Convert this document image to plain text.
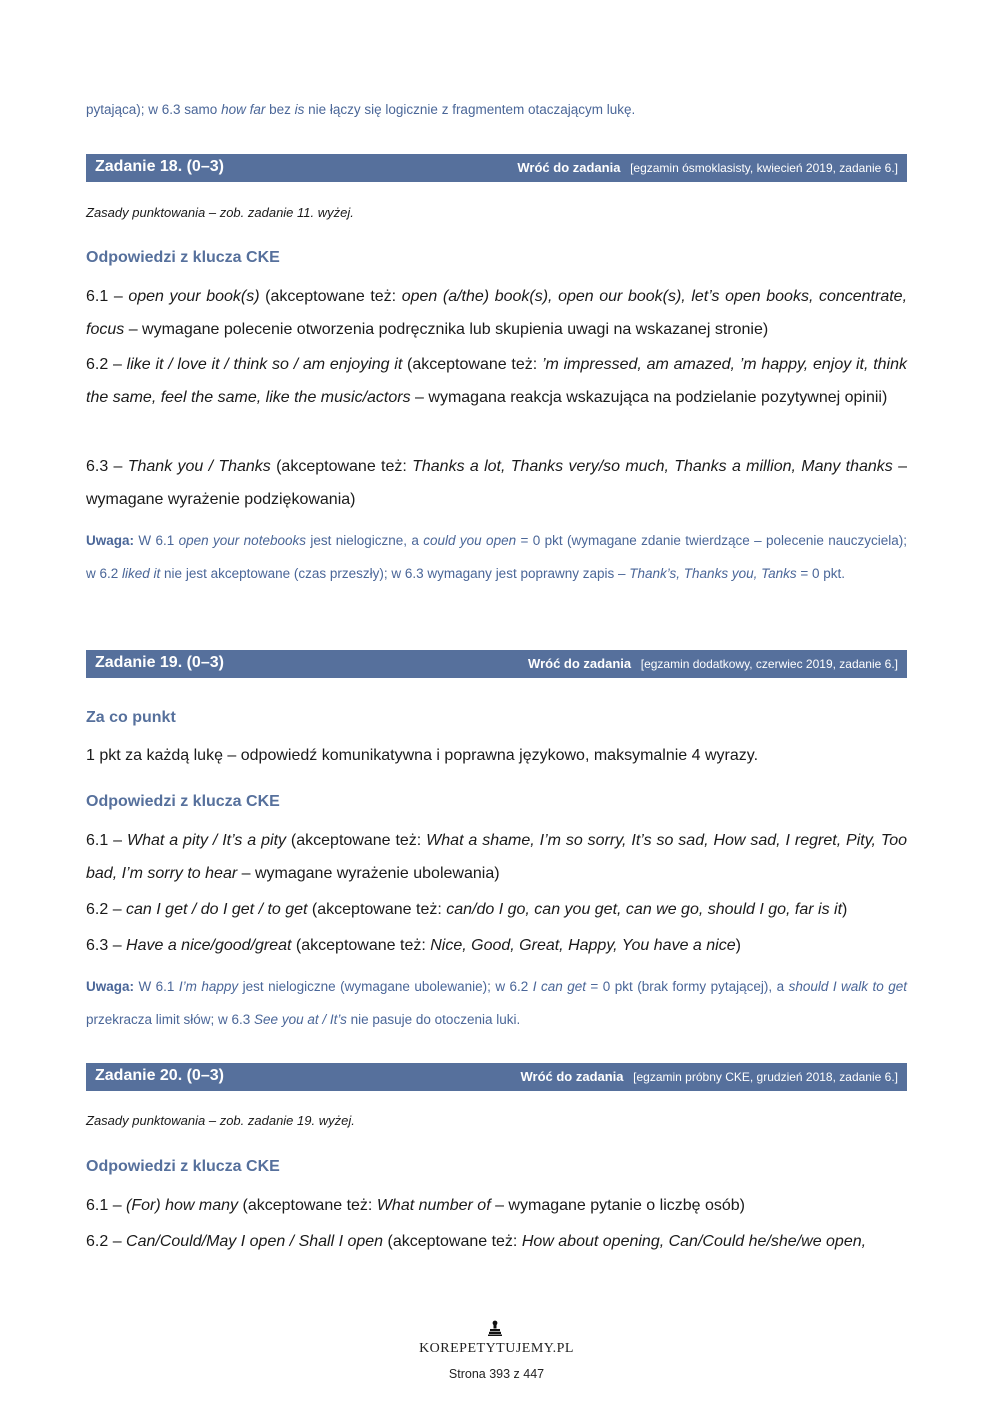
pytająca); w 6.3 samo how far bez is nie łączy się logicznie z fragmentem otaczającym lukę.
Zadanie 18. (0–3)	Wróć do zadania [egzamin ósmoklasisty, kwiecień 2019, zadanie 6.]
Zasady punktowania – zob. zadanie 11. wyżej.
Odpowiedzi z klucza CKE
6.1 – open your book(s) (akceptowane też: open (a/the) book(s), open our book(s), let’s open books, concentrate, focus – wymagane polecenie otworzenia podręcznika lub skupienia uwagi na wskazanej stronie)
6.2 – like it / love it / think so / am enjoying it (akceptowane też: ’m impressed, am amazed, ’m happy, enjoy it, think the same, feel the same, like the music/actors – wymagana reakcja wskazująca na podzielanie pozytywnej opinii)
6.3 – Thank you / Thanks (akceptowane też: Thanks a lot, Thanks very/so much, Thanks a million, Many thanks – wymagane wyrażenie podziękowania)
Uwaga: W 6.1 open your notebooks jest nielogiczne, a could you open = 0 pkt (wymagane zdanie twierdzące – polecenie nauczyciela); w 6.2 liked it nie jest akceptowane (czas przeszły); w 6.3 wymagany jest poprawny zapis – Thank’s, Thanks you, Tanks = 0 pkt.
Zadanie 19. (0–3)	Wróć do zadania [egzamin dodatkowy, czerwiec 2019, zadanie 6.]
Za co punkt
1 pkt za każdą lukę – odpowiedź komunikatywna i poprawna językowo, maksymalnie 4 wyrazy.
Odpowiedzi z klucza CKE
6.1 – What a pity / It’s a pity (akceptowane też: What a shame, I’m so sorry, It’s so sad, How sad, I regret, Pity, Too bad, I’m sorry to hear – wymagane wyrażenie ubolewania)
6.2 – can I get / do I get / to get (akceptowane też: can/do I go, can you get, can we go, should I go, far is it)
6.3 – Have a nice/good/great (akceptowane też: Nice, Good, Great, Happy, You have a nice)
Uwaga: W 6.1 I’m happy jest nielogiczne (wymagane ubolewanie); w 6.2 I can get = 0 pkt (brak formy pytającej), a should I walk to get przekracza limit słów; w 6.3 See you at / It’s nie pasuje do otoczenia luki.
Zadanie 20. (0–3)	Wróć do zadania [egzamin próbny CKE, grudzień 2018, zadanie 6.]
Zasady punktowania – zob. zadanie 19. wyżej.
Odpowiedzi z klucza CKE
6.1 – (For) how many (akceptowane też: What number of – wymagane pytanie o liczbę osób)
6.2 – Can/Could/May I open / Shall I open (akceptowane też: How about opening, Can/Could he/she/we open,
KOREPETYTUJEMY.PL
Strona 393 z 447
